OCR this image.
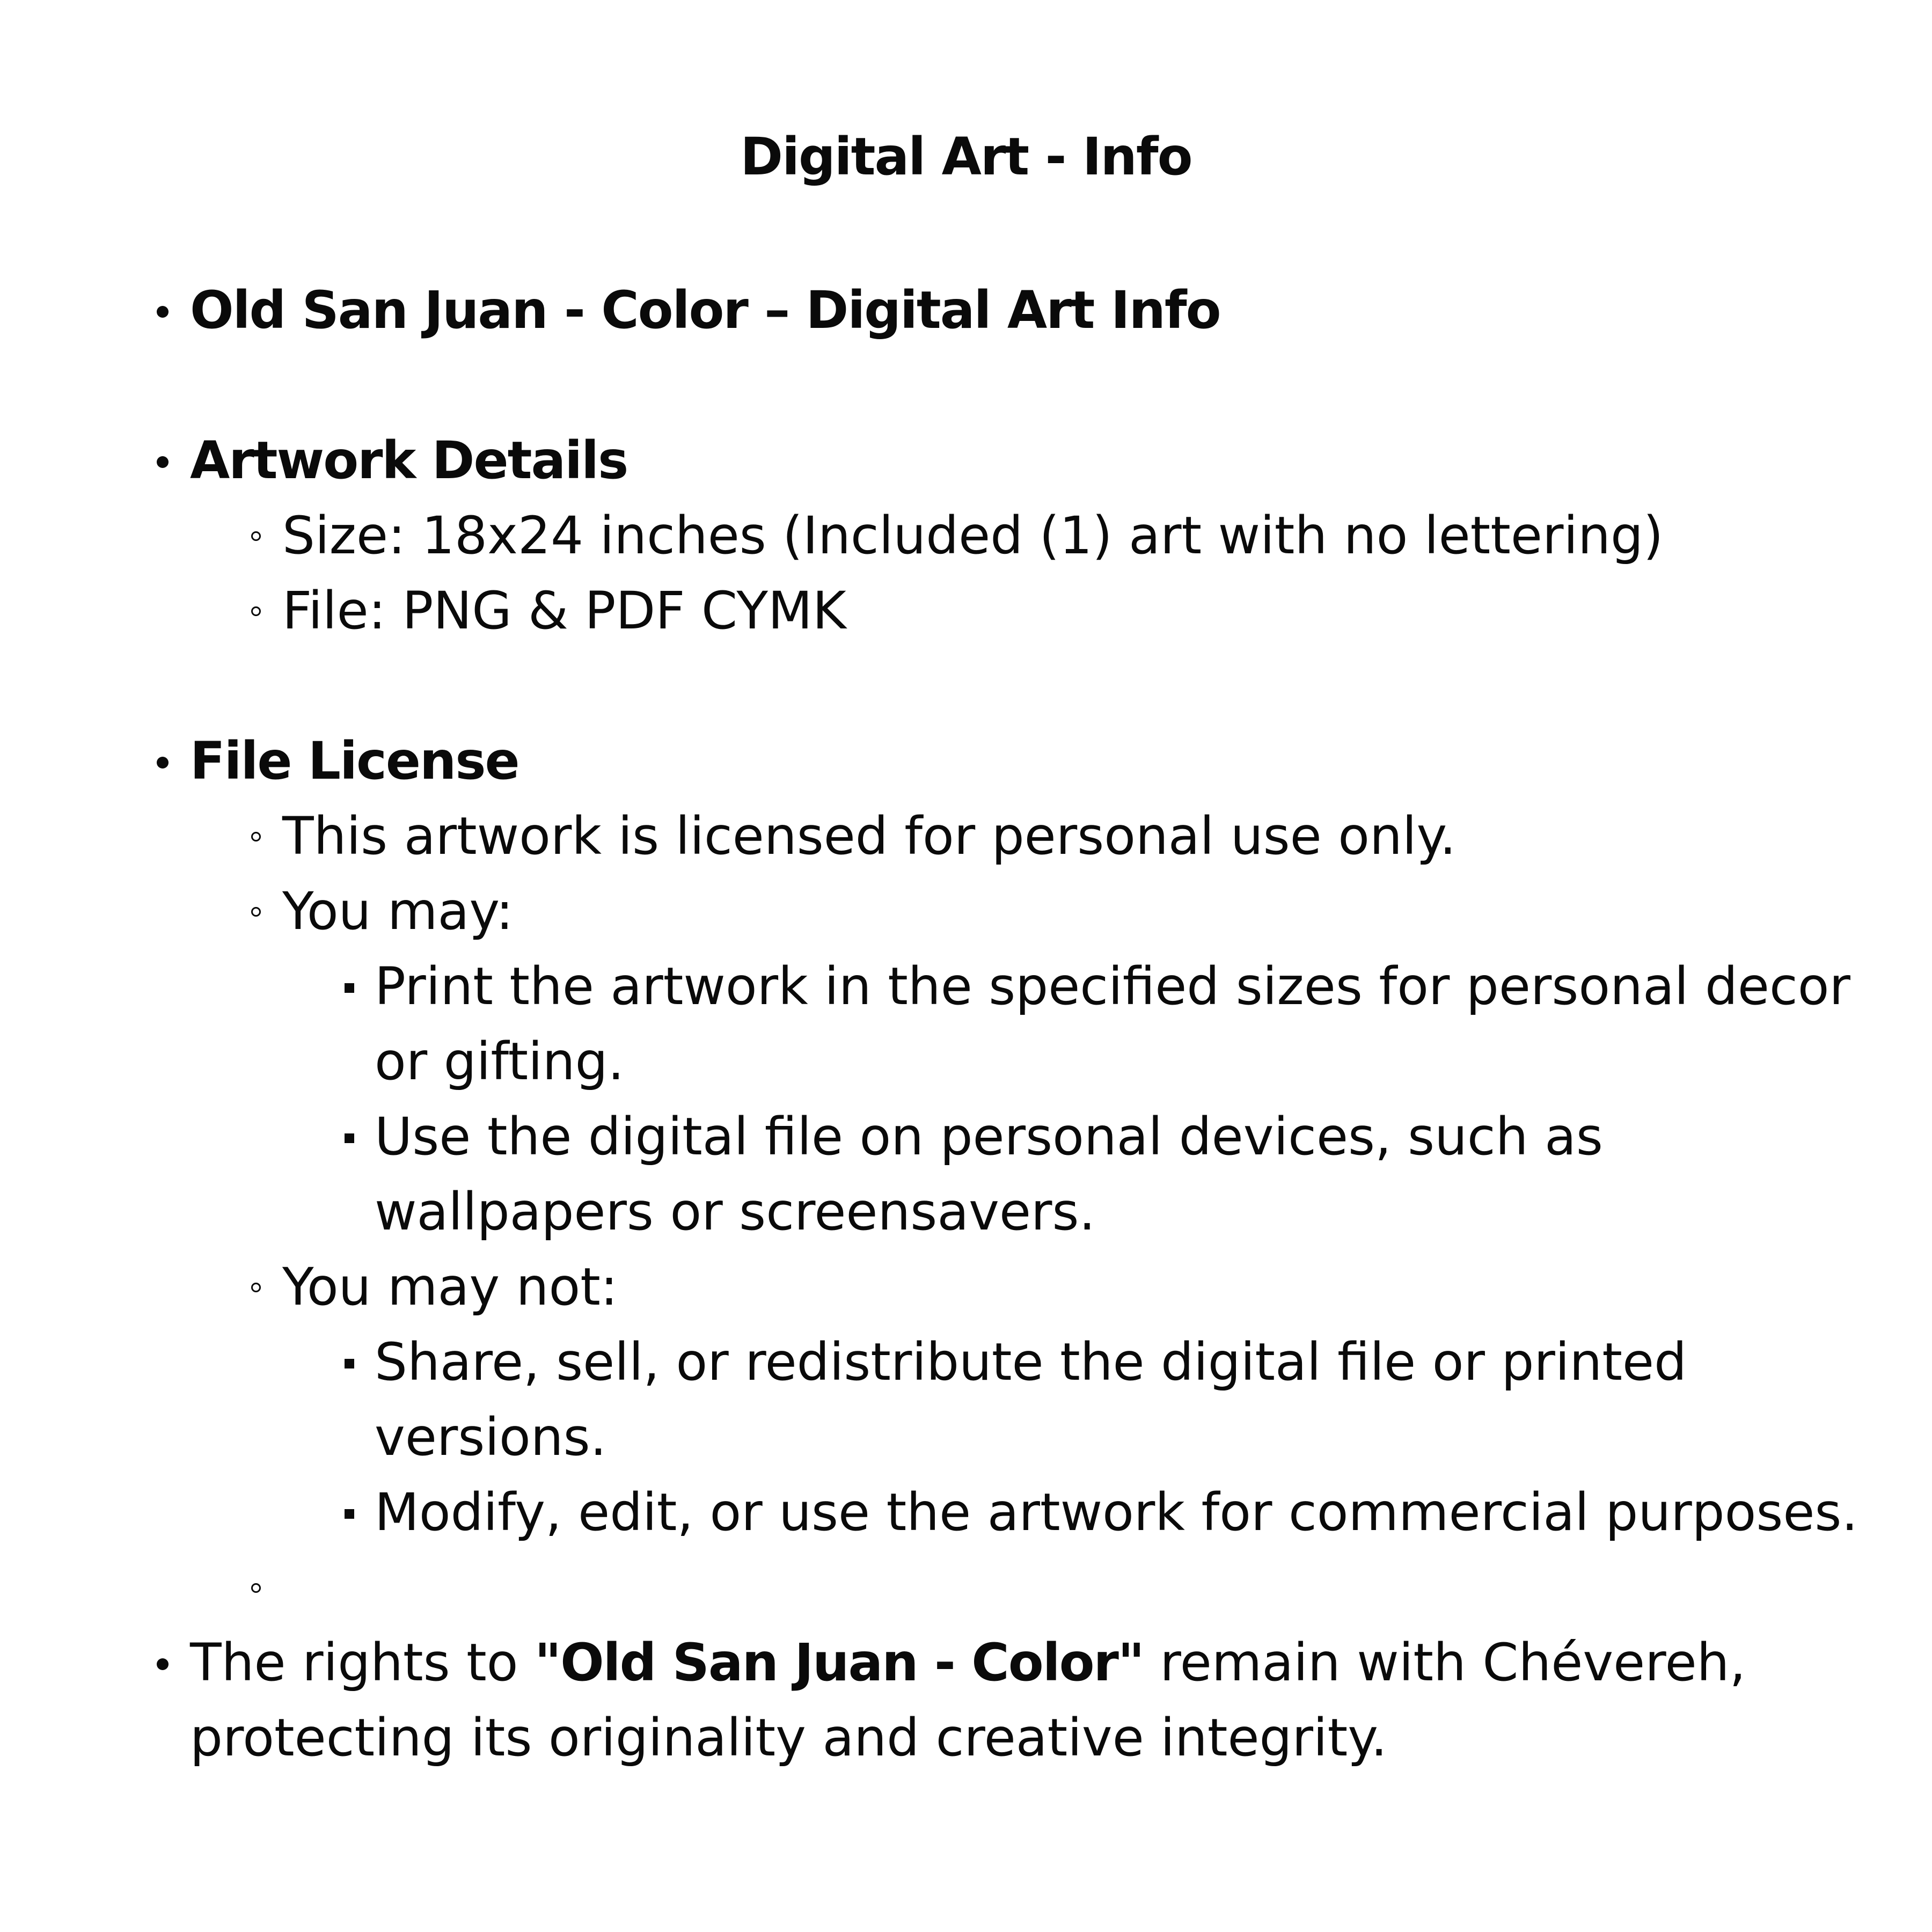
Digital Art - Info
Old San Juan - Color – Digital Art Info
Artwork Details
Size: 18x24 inches (Included (1) art with no lettering)
File: PNG & PDF CYMK
File License
This artwork is licensed for personal use only.
You may:
Print the artwork in the specified sizes for personal decor or gifting.
Use the digital file on personal devices, such as wallpapers or screensavers.
You may not:
Share, sell, or redistribute the digital file or printed versions.
Modify, edit, or use the artwork for commercial purposes.
The rights to "Old San Juan - Color" remain with Chévereh, protecting its originality and creative integrity.
